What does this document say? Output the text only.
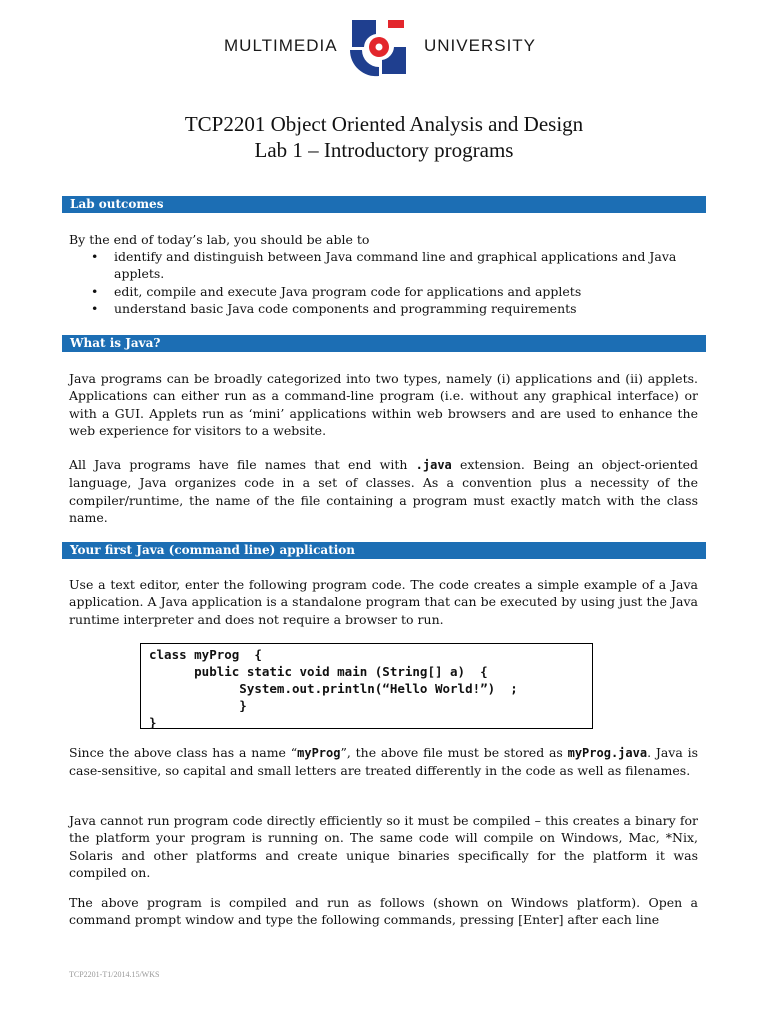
MULTIMEDIA	UNIVERSITY
TCP2201 Object Oriented Analysis and Design
Lab 1 – Introductory programs
Lab outcomes
By the end of today’s lab, you should be able to
• identify and distinguish between Java command line and graphical applications and Java applets.
• edit, compile and execute Java program code for applications and applets
• understand basic Java code components and programming requirements
What is Java?
Java programs can be broadly categorized into two types, namely (i) applications and (ii) applets. Applications can either run as a command-line program (i.e. without any graphical interface) or with a GUI. Applets run as ‘mini’ applications within web browsers and are used to enhance the web experience for visitors to a website.
All Java programs have file names that end with .java extension. Being an object-oriented language, Java organizes code in a set of classes. As a convention plus a necessity of the compiler/runtime, the name of the file containing a program must exactly match with the class name.
Your first Java (command line) application
Use a text editor, enter the following program code. The code creates a simple example of a Java application. A Java application is a standalone program that can be executed by using just the Java runtime interpreter and does not require a browser to run.
class myProg  {
public static void main (String[] a)  {
System.out.println(“Hello World!”)  ;
}
}
Since the above class has a name “myProg”, the above file must be stored as myProg.java. Java is case-sensitive, so capital and small letters are treated differently in the code as well as filenames.
Java cannot run program code directly efficiently so it must be compiled – this creates a binary for the platform your program is running on. The same code will compile on Windows, Mac, *Nix, Solaris and other platforms and create unique binaries specifically for the platform it was compiled on.
The above program is compiled and run as follows (shown on Windows platform). Open a command prompt window and type the following commands, pressing [Enter] after each line
TCP2201-T1/2014.15/WKS
